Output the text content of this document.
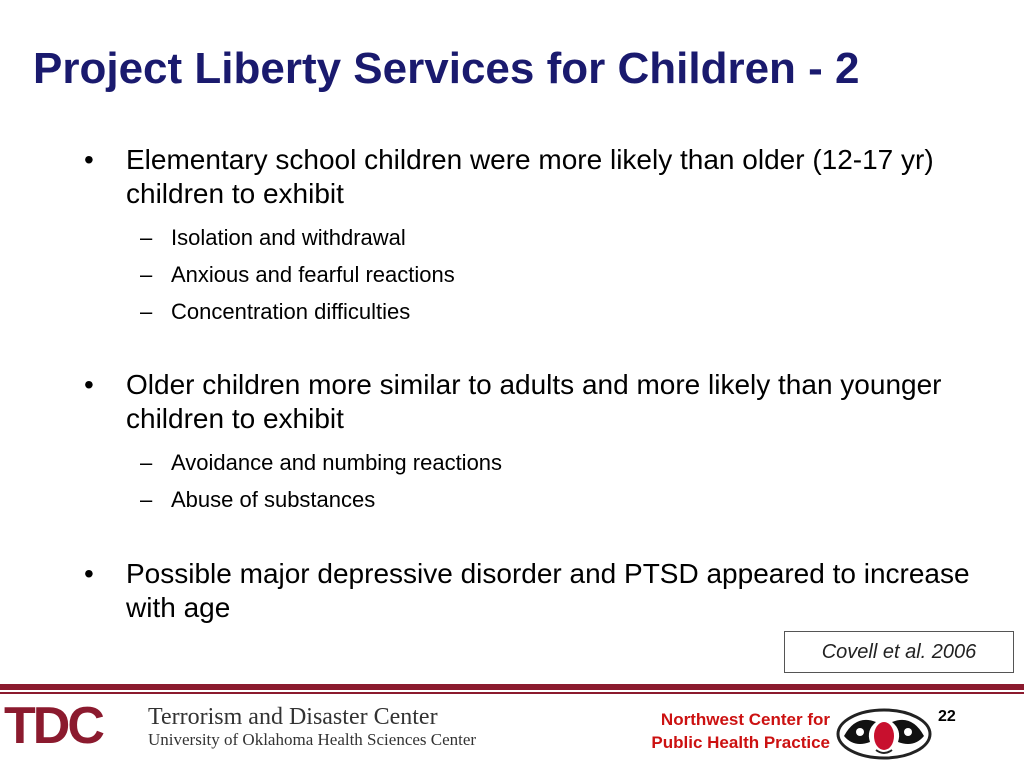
Project Liberty Services for Children - 2
•	Elementary school children were more likely than older (12-17 yr) children to exhibit
– Isolation and withdrawal
– Anxious and fearful reactions
– Concentration difficulties
•	Older children more similar to adults and more likely than younger children to exhibit
– Avoidance and numbing reactions
– Abuse of substances
•	Possible major depressive disorder and PTSD appeared to increase with age
Covell et al. 2006
TDC Terrorism and Disaster Center
University of Oklahoma Health Sciences Center
Northwest Center for
Public Health Practice
22
